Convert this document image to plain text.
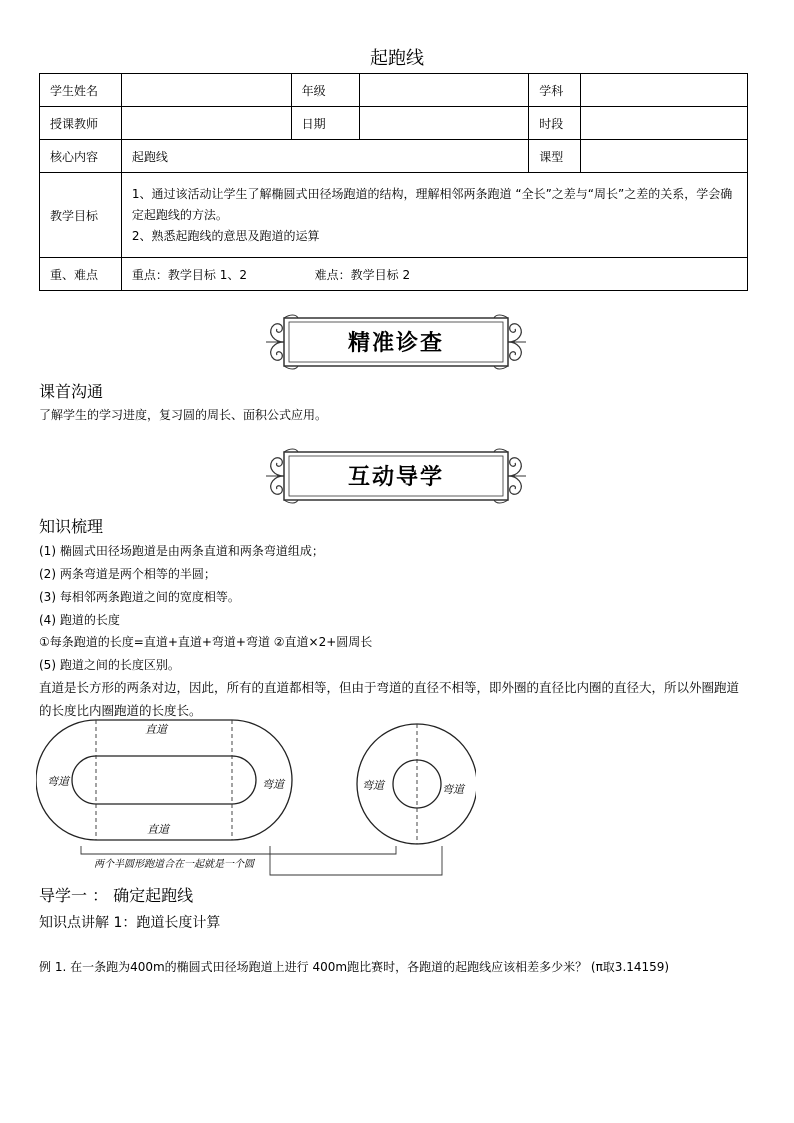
起跑线
学生姓名		年级		学科	
授课教师		日期		时段	
核心内容	起跑线			课型	
教学目标	1、通过该活动让学生了解椭圆式田径场跑道的结构，理解相邻两条跑道 “全长”之差与“周长”之差的关系，学会确定起跑线的方法。
2、熟悉起跑线的意思及跑道的运算				

重、难点	重点：教学目标 1、2 难点：教学目标 2				
精准诊查
课首沟通
了解学生的学习进度，复习圆的周长、面积公式应用。
互动导学
知识梳理
(1) 椭圆式田径场跑道是由两条直道和两条弯道组成；
(2) 两条弯道是两个相等的半圆；
(3) 每相邻两条跑道之间的宽度相等。
(4) 跑道的长度
①每条跑道的长度=直道+直道+弯道+弯道 ②直道×2+圆周长
(5) 跑道之间的长度区别。
直道是长方形的两条对边，因此，所有的直道都相等，但由于弯道的直径不相等，即外圈的直径比内圈的直径大，所以外圈跑道的长度比内圈跑道的长度长。
直道
直道
弯道	弯道	弯道	弯道
两个半圆形跑道合在一起就是一个圆
导学一 ： 确定起跑线
知识点讲解 1：跑道长度计算
例 1. 在一条跑为400m的椭圆式田径场跑道上进行 400m跑比赛时，各跑道的起跑线应该相差多少米？ (π取3.14159)
